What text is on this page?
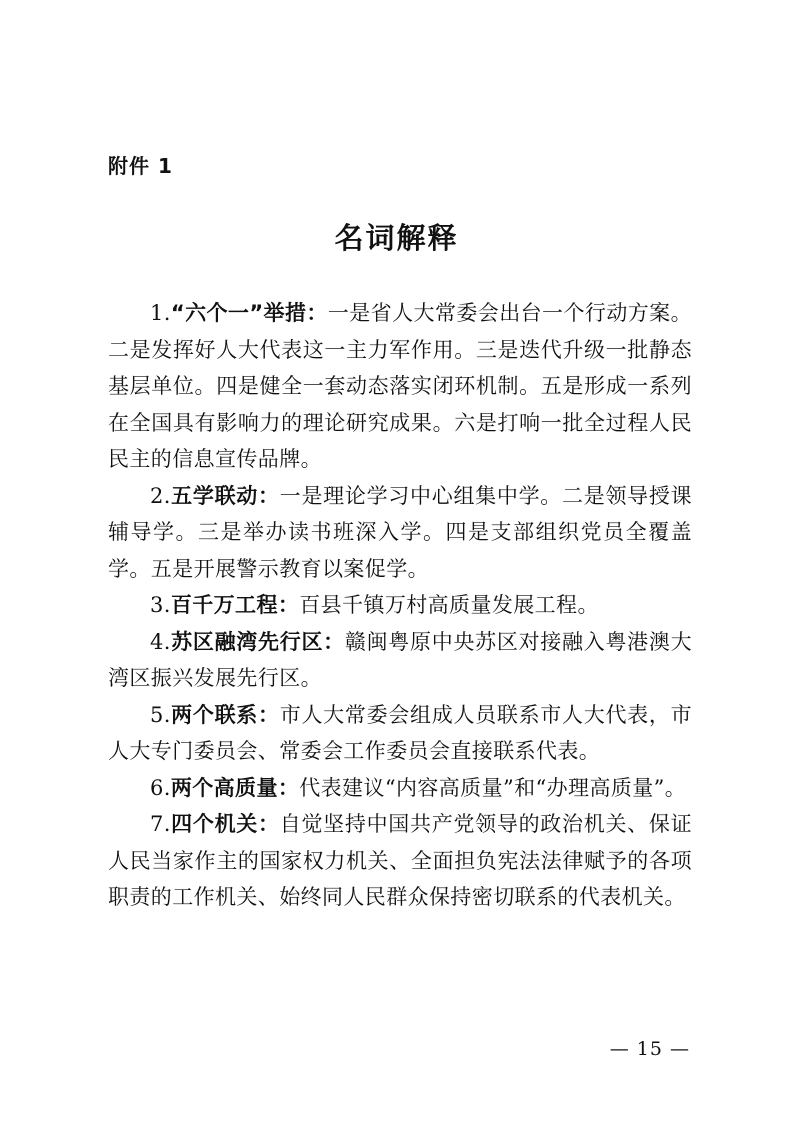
附件 1
名词解释

1.“六个一”举措：一是省人大常委会出台一个行动方案。二是发挥好人大代表这一主力军作用。三是迭代升级一批静态基层单位。四是健全一套动态落实闭环机制。五是形成一系列在全国具有影响力的理论研究成果。六是打响一批全过程人民民主的信息宣传品牌。

2.五学联动：一是理论学习中心组集中学。二是领导授课辅导学。三是举办读书班深入学。四是支部组织党员全覆盖学。五是开展警示教育以案促学。

3.百千万工程：百县千镇万村高质量发展工程。

4.苏区融湾先行区：赣闽粤原中央苏区对接融入粤港澳大湾区振兴发展先行区。

5.两个联系：市人大常委会组成人员联系市人大代表，市人大专门委员会、常委会工作委员会直接联系代表。

6.两个高质量：代表建议“内容高质量”和“办理高质量”。

7.四个机关：自觉坚持中国共产党领导的政治机关、保证人民当家作主的国家权力机关、全面担负宪法法律赋予的各项职责的工作机关、始终同人民群众保持密切联系的代表机关。

— 15 —
